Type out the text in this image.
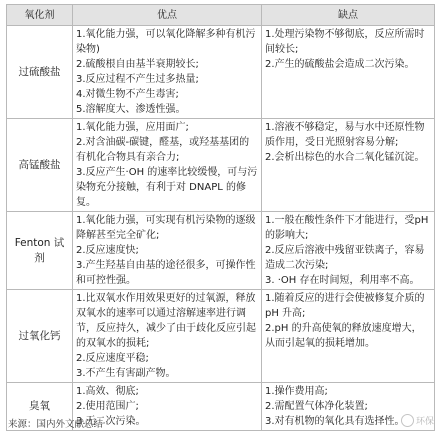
氧化剂	优点	缺点
过硫酸盐	1.氧化能力强，可以氧化降解多种有机污染物)
2.硫酸根自由基半衰期较长;
3.反应过程不产生过多热量;
4.对微生物不产生毒害;
5.溶解度大、渗透性强。	1.处理污染物不够彻底，反应所需时间较长;
2.产生的硫酸盐会造成二次污染。

高锰酸盐	1.氧化能力强，应用面广;
2.对含油碳-碳键，醛基，或羟基基团的有机化合物具有亲合力;
3.反应产生·OH 的速率比较缓慢，可与污染物充分接触，有利于对 DNAPL 的修复。	1.溶液不够稳定，易与水中还原性物质作用，受日光照射容易分解;
2.会析出棕色的水合二氧化锰沉淀。

Fenton 试剂	1.氧化能力强，可实现有机污染物的逐级降解甚至完全矿化;
2.反应速度快;
3.产生羟基自由基的途径很多，可操作性和可控性强。	1.一般在酸性条件下才能进行，受pH 的影响大;
2.反应后溶液中残留亚铁离子，容易造成二次污染;
3. ·OH 存在时间短，利用率不高。

过氧化钙	1.比双氧水作用效果更好的过氧源，释放双氧水的速率可以通过溶解速率进行调节，反应持久，减少了由于歧化反应引起的双氧水的损耗;
2.反应速度平稳;
3.不产生有害副产物。	1.随着反应的进行会使被修复介质的pH 升高;
2.pH 的升高使氧的释放速度增大，从而引起氧的损耗增加。

臭氧	1.高效、彻底;
2.使用范围广;
3.无二次污染。	1.操作费用高;
2.需配置气体净化装置;
3.对有机物的氧化具有选择性。
来源：国内外文献总结	环保
